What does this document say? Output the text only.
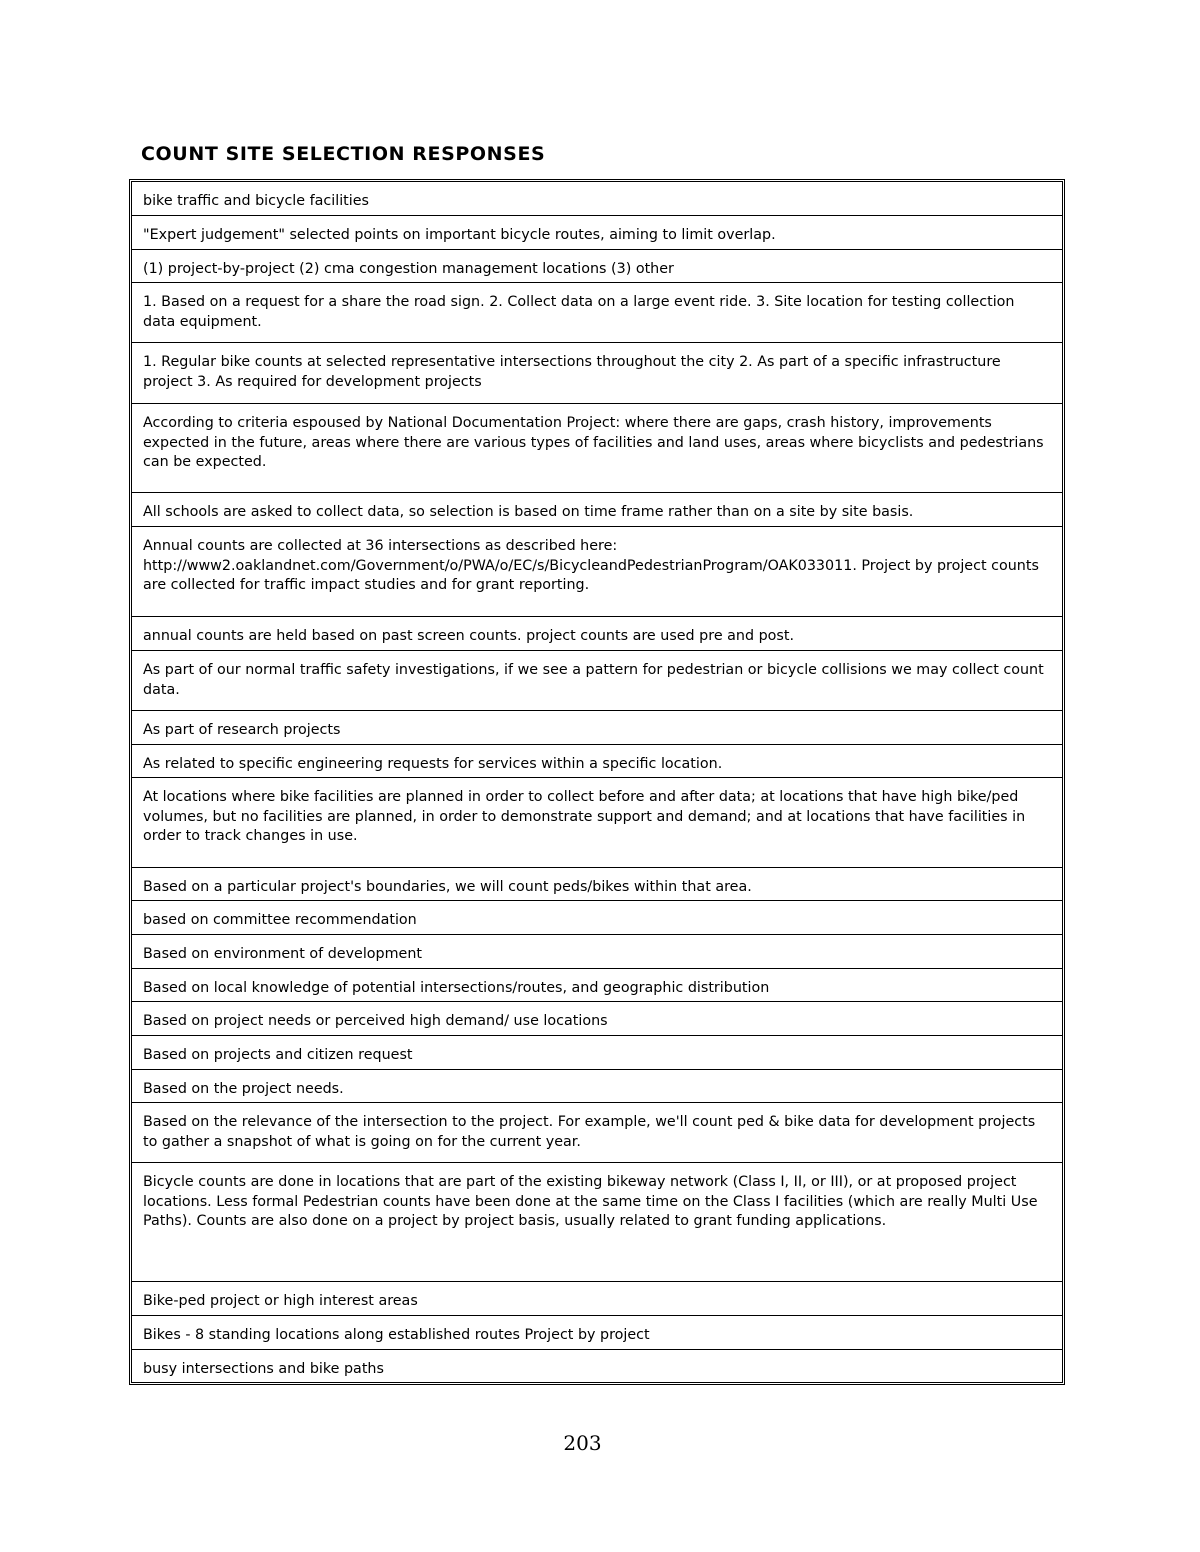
COUNT SITE SELECTION RESPONSES
bike traffic and bicycle facilities
"Expert judgement" selected points on important bicycle routes, aiming to limit overlap.
(1) project-by-project (2) cma congestion management locations (3) other
1. Based on a request for a share the road sign. 2. Collect data on a large event ride. 3. Site location for testing collection data equipment.
1. Regular bike counts at selected representative intersections throughout the city 2. As part of a specific infrastructure project 3. As required for development projects
According to criteria espoused by National Documentation Project: where there are gaps, crash history, improvements expected in the future, areas where there are various types of facilities and land uses, areas where bicyclists and pedestrians can be expected.
All schools are asked to collect data, so selection is based on time frame rather than on a site by site basis.
Annual counts are collected at 36 intersections as described here: http://www2.oaklandnet.com/Government/o/PWA/o/EC/s/BicycleandPedestrianProgram/OAK033011. Project by project counts are collected for traffic impact studies and for grant reporting.
annual counts are held based on past screen counts. project counts are used pre and post.
As part of our normal traffic safety investigations, if we see a pattern for pedestrian or bicycle collisions we may collect count data.
As part of research projects
As related to specific engineering requests for services within a specific location.
At locations where bike facilities are planned in order to collect before and after data; at locations that have high bike/ped volumes, but no facilities are planned, in order to demonstrate support and demand; and at locations that have facilities in order to track changes in use.
Based on a particular project's boundaries, we will count peds/bikes within that area.
based on committee recommendation
Based on environment of development
Based on local knowledge of potential intersections/routes, and geographic distribution
Based on project needs or perceived high demand/ use locations
Based on projects and citizen request
Based on the project needs.
Based on the relevance of the intersection to the project. For example, we'll count ped & bike data for development projects to gather a snapshot of what is going on for the current year.
Bicycle counts are done in locations that are part of the existing bikeway network (Class I, II, or III), or at proposed project locations. Less formal Pedestrian counts have been done at the same time on the Class I facilities (which are really Multi Use Paths). Counts are also done on a project by project basis, usually related to grant funding applications.
Bike-ped project or high interest areas
Bikes - 8 standing locations along established routes Project by project
busy intersections and bike paths
203
